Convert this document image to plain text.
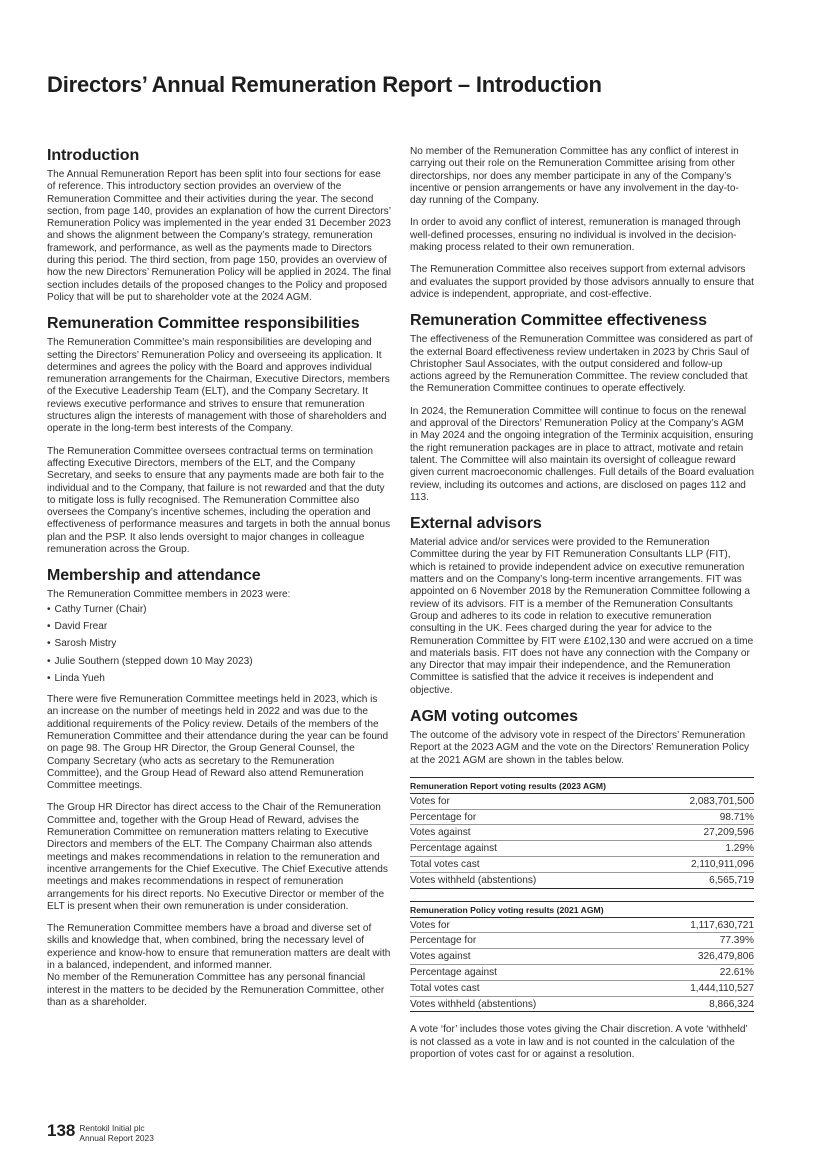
Directors’ Annual Remuneration Report – Introduction
Introduction

The Annual Remuneration Report has been split into four sections for ease of reference. This introductory section provides an overview of the Remuneration Committee and their activities during the year. The second section, from page 140, provides an explanation of how the current Directors’ Remuneration Policy was implemented in the year ended 31 December 2023 and shows the alignment between the Company’s strategy, remuneration framework, and performance, as well as the payments made to Directors during this period. The third section, from page 150, provides an overview of how the new Directors’ Remuneration Policy will be applied in 2024. The final section includes details of the proposed changes to the Policy and proposed Policy that will be put to shareholder vote at the 2024 AGM.

Remuneration Committee responsibilities

The Remuneration Committee’s main responsibilities are developing and setting the Directors’ Remuneration Policy and overseeing its application. It determines and agrees the policy with the Board and approves individual remuneration arrangements for the Chairman, Executive Directors, members of the Executive Leadership Team (ELT), and the Company Secretary. It reviews executive performance and strives to ensure that remuneration structures align the interests of management with those of shareholders and operate in the long-term best interests of the Company.

The Remuneration Committee oversees contractual terms on termination affecting Executive Directors, members of the ELT, and the Company Secretary, and seeks to ensure that any payments made are both fair to the individual and to the Company, that failure is not rewarded and that the duty to mitigate loss is fully recognised. The Remuneration Committee also oversees the Company’s incentive schemes, including the operation and effectiveness of performance measures and targets in both the annual bonus plan and the PSP. It also lends oversight to major changes in colleague remuneration across the Group.

Membership and attendance

The Remuneration Committee members in 2023 were:

• Cathy Turner (Chair)
• David Frear
• Sarosh Mistry
• Julie Southern (stepped down 10 May 2023)
• Linda Yueh

There were five Remuneration Committee meetings held in 2023, which is an increase on the number of meetings held in 2022 and was due to the additional requirements of the Policy review. Details of the members of the Remuneration Committee and their attendance during the year can be found on page 98. The Group HR Director, the Group General Counsel, the Company Secretary (who acts as secretary to the Remuneration Committee), and the Group Head of Reward also attend Remuneration Committee meetings.

The Group HR Director has direct access to the Chair of the Remuneration Committee and, together with the Group Head of Reward, advises the Remuneration Committee on remuneration matters relating to Executive Directors and members of the ELT. The Company Chairman also attends meetings and makes recommendations in relation to the remuneration and incentive arrangements for the Chief Executive. The Chief Executive attends meetings and makes recommendations in respect of remuneration arrangements for his direct reports. No Executive Director or member of the ELT is present when their own remuneration is under consideration.

The Remuneration Committee members have a broad and diverse set of skills and knowledge that, when combined, bring the necessary level of experience and know-how to ensure that remuneration matters are dealt with in a balanced, independent, and informed manner.

No member of the Remuneration Committee has any personal financial interest in the matters to be decided by the Remuneration Committee, other than as a shareholder.

No member of the Remuneration Committee has any conflict of interest in carrying out their role on the Remuneration Committee arising from other directorships, nor does any member participate in any of the Company’s incentive or pension arrangements or have any involvement in the day-to-day running of the Company.

In order to avoid any conflict of interest, remuneration is managed through well-defined processes, ensuring no individual is involved in the decision-making process related to their own remuneration.

The Remuneration Committee also receives support from external advisors and evaluates the support provided by those advisors annually to ensure that advice is independent, appropriate, and cost-effective.

Remuneration Committee effectiveness

The effectiveness of the Remuneration Committee was considered as part of the external Board effectiveness review undertaken in 2023 by Chris Saul of Christopher Saul Associates, with the output considered and follow-up actions agreed by the Remuneration Committee. The review concluded that the Remuneration Committee continues to operate effectively.

In 2024, the Remuneration Committee will continue to focus on the renewal and approval of the Directors’ Remuneration Policy at the Company’s AGM in May 2024 and the ongoing integration of the Terminix acquisition, ensuring the right remuneration packages are in place to attract, motivate and retain talent. The Committee will also maintain its oversight of colleague reward given current macroeconomic challenges. Full details of the Board evaluation review, including its outcomes and actions, are disclosed on pages 112 and 113.

External advisors

Material advice and/or services were provided to the Remuneration Committee during the year by FIT Remuneration Consultants LLP (FIT), which is retained to provide independent advice on executive remuneration matters and on the Company’s long-term incentive arrangements. FIT was appointed on 6 November 2018 by the Remuneration Committee following a review of its advisors. FIT is a member of the Remuneration Consultants Group and adheres to its code in relation to executive remuneration consulting in the UK. Fees charged during the year for advice to the Remuneration Committee by FIT were £102,130 and were accrued on a time and materials basis. FIT does not have any connection with the Company or any Director that may impair their independence, and the Remuneration Committee is satisfied that the advice it receives is independent and objective.

AGM voting outcomes

The outcome of the advisory vote in respect of the Directors’ Remuneration Report at the 2023 AGM and the vote on the Directors’ Remuneration Policy at the 2021 AGM are shown in the tables below.

Remuneration Report voting results (2023 AGM)
Votes for	2,083,701,500
Percentage for	98.71%
Votes against	27,209,596
Percentage against	1.29%
Total votes cast	2,110,911,096
Votes withheld (abstentions)	6,565,719
Remuneration Policy voting results (2021 AGM)
Votes for	1,117,630,721
Percentage for	77.39%
Votes against	326,479,806
Percentage against	22.61%
Total votes cast	1,444,110,527
Votes withheld (abstentions)	8,866,324

A vote ‘for’ includes those votes giving the Chair discretion. A vote ‘withheld’ is not classed as a vote in law and is not counted in the calculation of the proportion of votes cast for or against a resolution.

138 Rentokil Initial plc
Annual Report 2023
